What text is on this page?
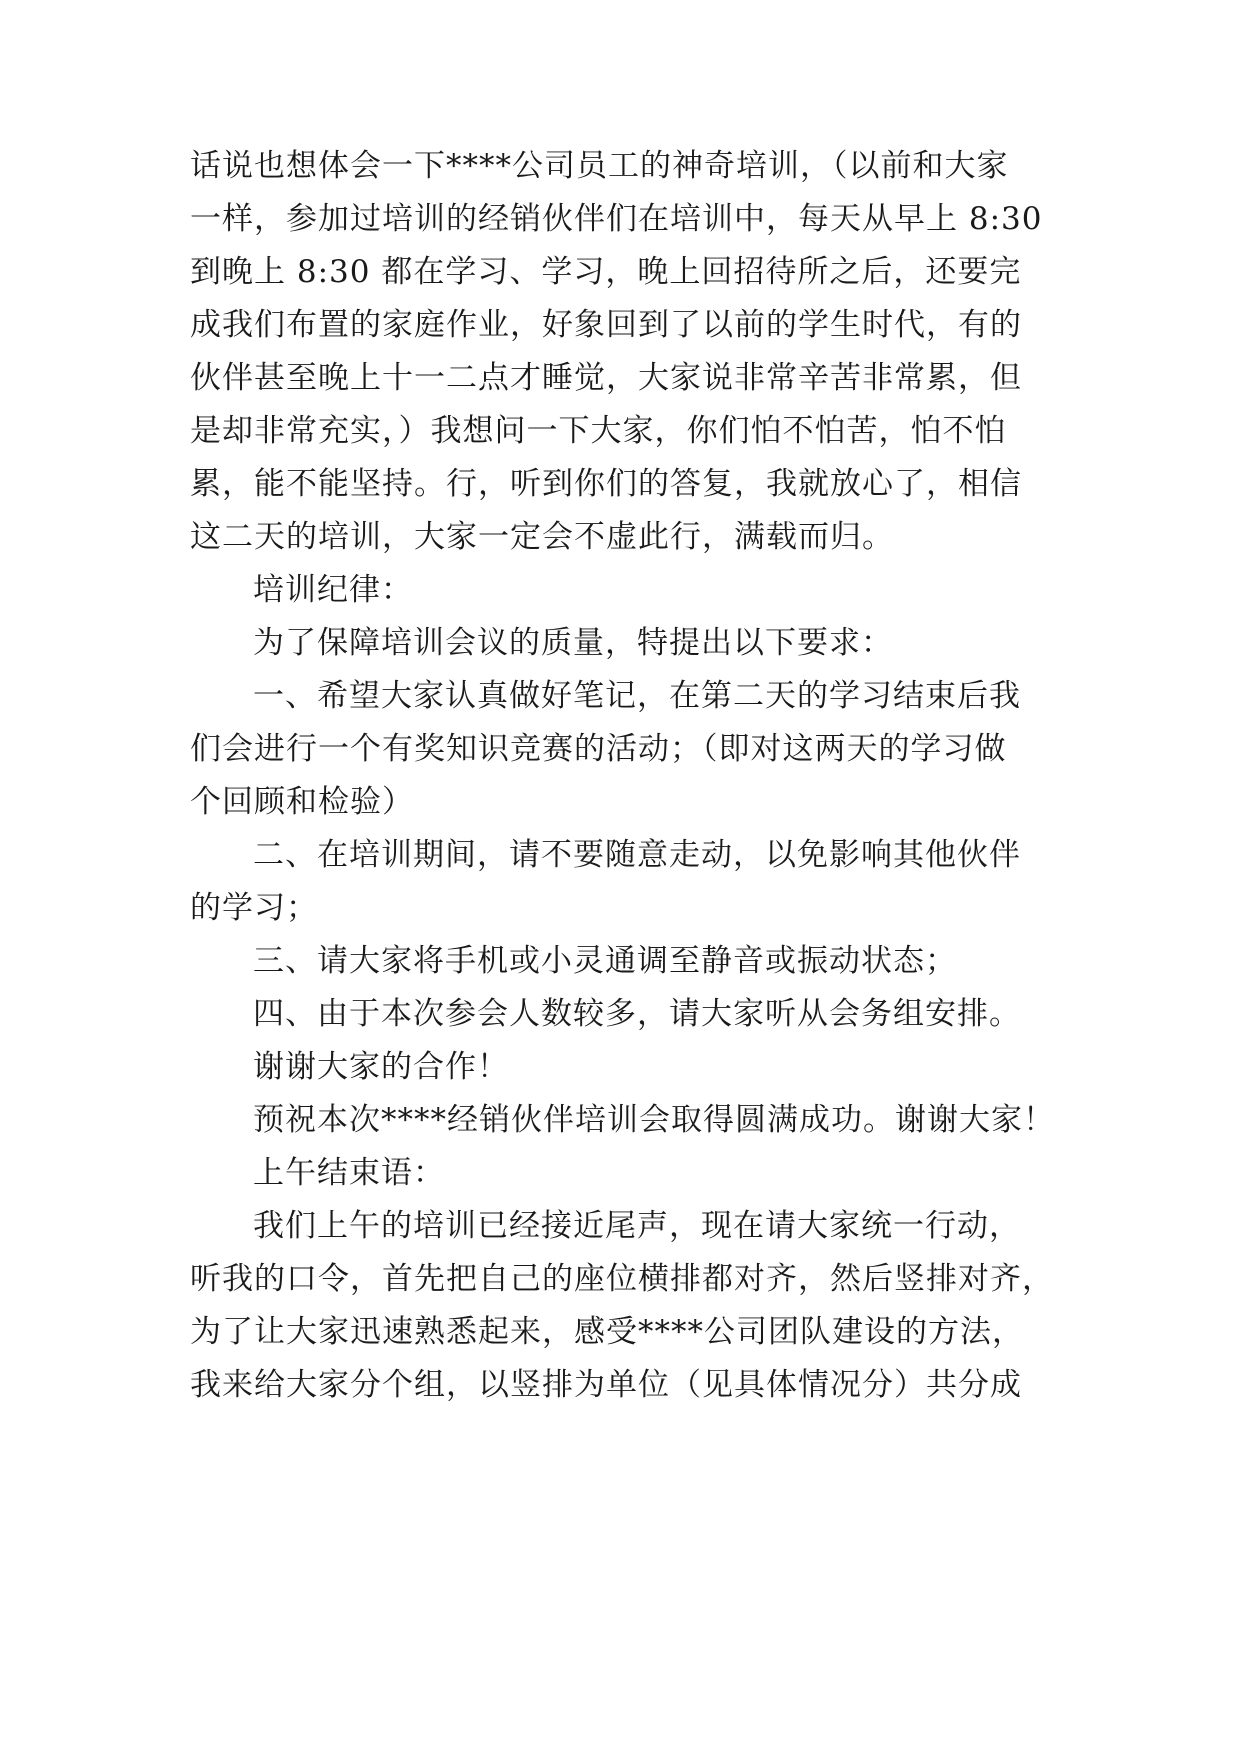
话说也想体会一下****公司员工的神奇培训，（以前和大家
一样，参加过培训的经销伙伴们在培训中，每天从早上 8:30
到晚上 8:30 都在学习、学习，晚上回招待所之后，还要完
成我们布置的家庭作业，好象回到了以前的学生时代，有的
伙伴甚至晚上十一二点才睡觉，大家说非常辛苦非常累，但
是却非常充实，）我想问一下大家，你们怕不怕苦，怕不怕
累，能不能坚持。行，听到你们的答复，我就放心了，相信
这二天的培训，大家一定会不虚此行，满载而归。
培训纪律：
为了保障培训会议的质量，特提出以下要求：
一、希望大家认真做好笔记，在第二天的学习结束后我
们会进行一个有奖知识竞赛的活动；（即对这两天的学习做
个回顾和检验）
二、在培训期间，请不要随意走动，以免影响其他伙伴
的学习；
三、请大家将手机或小灵通调至静音或振动状态；
四、由于本次参会人数较多，请大家听从会务组安排。
谢谢大家的合作！
预祝本次****经销伙伴培训会取得圆满成功。谢谢大家！
上午结束语：
我们上午的培训已经接近尾声，现在请大家统一行动，
听我的口令，首先把自己的座位横排都对齐，然后竖排对齐，
为了让大家迅速熟悉起来，感受****公司团队建设的方法，
我来给大家分个组，以竖排为单位（见具体情况分）共分成
